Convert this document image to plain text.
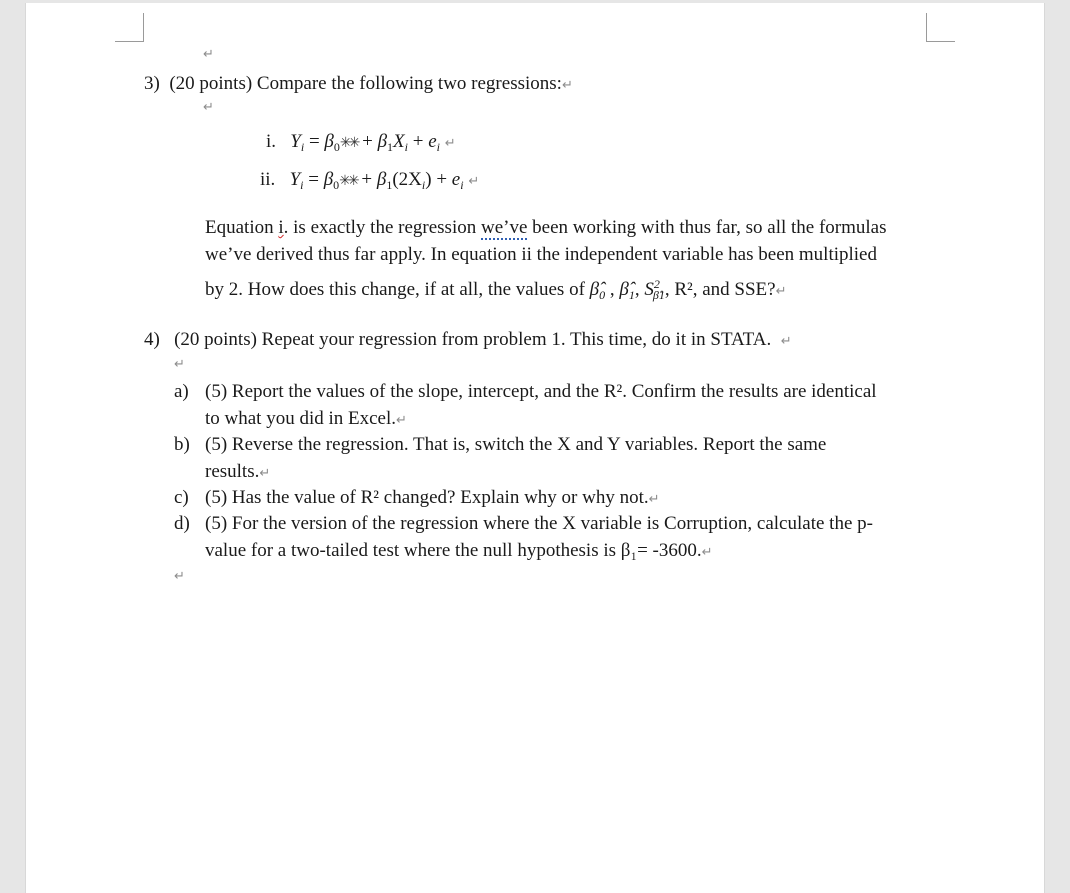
↵
3) (20 points) Compare the following two regressions:↵
↵
i. $Y_i$ = $\beta_0✳✳ + \beta_1X_i + e_i$ ↵
ii. $Y_i$ = $\beta_0✳✳ + \beta_1(2X_i) + e_i$ ↵
Equation i. is exactly the regression we’ve been working with thus far, so all the formulas
we’ve derived thus far apply. In equation ii the independent variable has been multiplied
by 2. How does this change, if at all, the values of $\betâ_0$ , $\betâ_1$, $S^2_{\betâ1}$, R², and SSE?↵
4) (20 points) Repeat your regression from problem 1. This time, do it in STATA. ↵
↵
a) (5) Report the values of the slope, intercept, and the R². Confirm the results are identical
to what you did in Excel.↵
b) (5) Reverse the regression. That is, switch the X and Y variables. Report the same
results.↵
c) (5) Has the value of R² changed? Explain why or why not.↵
d) (5) For the version of the regression where the X variable is Corruption, calculate the p-
value for a two-tailed test where the null hypothesis is β₁= -3600.↵
↵
